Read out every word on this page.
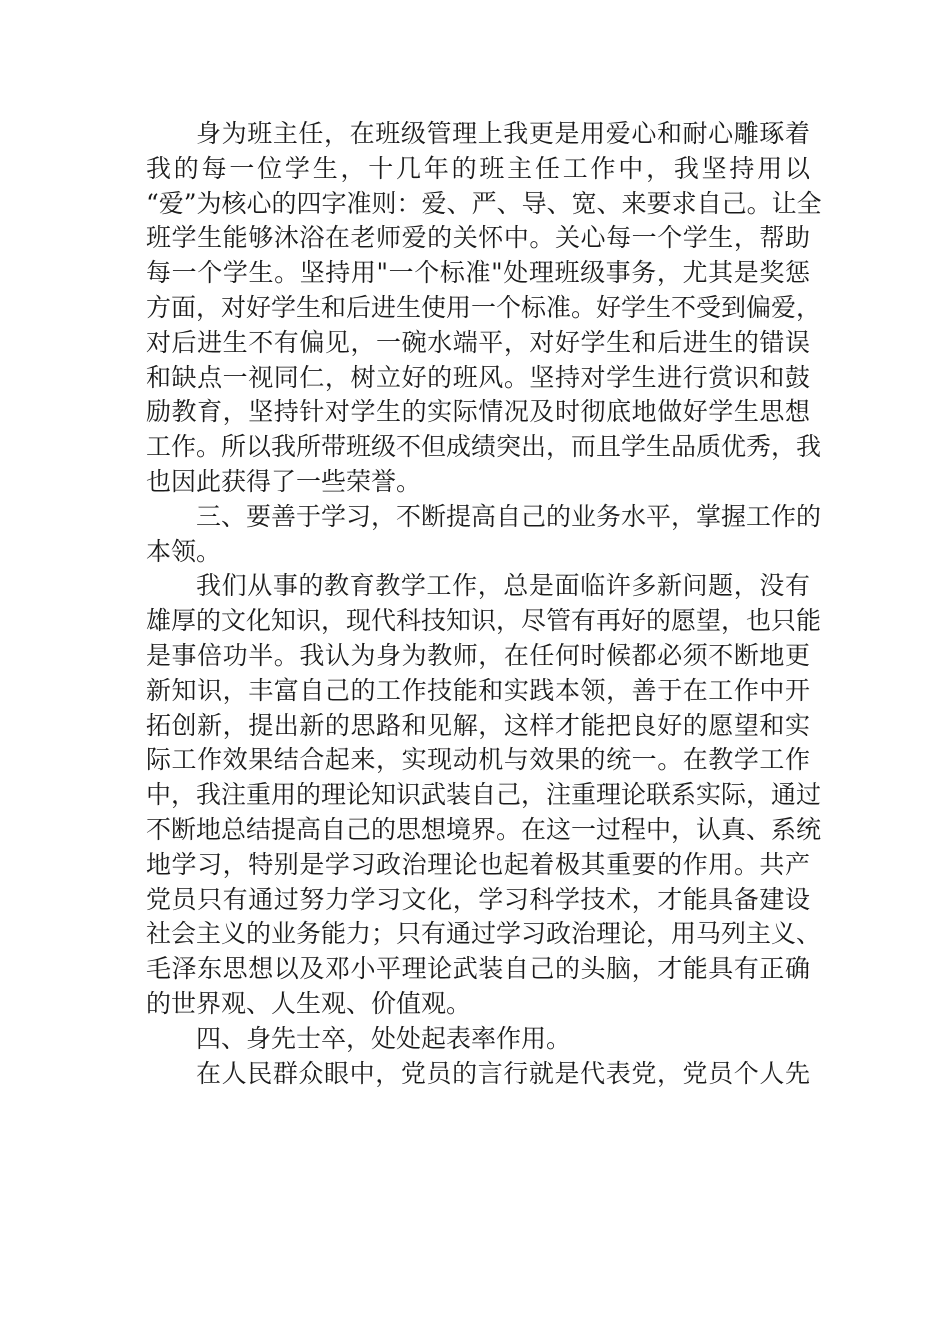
身为班主任，在班级管理上我更是用爱心和耐心雕琢着
我的每一位学生，十几年的班主任工作中，我坚持用以
“爱”为核心的四字准则：爱、严、导、宽、来要求自己。让全
班学生能够沐浴在老师爱的关怀中。关心每一个学生，帮助
每一个学生。坚持用"一个标准"处理班级事务，尤其是奖惩
方面，对好学生和后进生使用一个标准。好学生不受到偏爱，
对后进生不有偏见，一碗水端平，对好学生和后进生的错误
和缺点一视同仁，树立好的班风。坚持对学生进行赏识和鼓
励教育，坚持针对学生的实际情况及时彻底地做好学生思想
工作。所以我所带班级不但成绩突出，而且学生品质优秀，我
也因此获得了一些荣誉。
三、要善于学习，不断提高自己的业务水平，掌握工作的
本领。
我们从事的教育教学工作，总是面临许多新问题，没有
雄厚的文化知识，现代科技知识，尽管有再好的愿望，也只能
是事倍功半。我认为身为教师，在任何时候都必须不断地更
新知识，丰富自己的工作技能和实践本领，善于在工作中开
拓创新，提出新的思路和见解，这样才能把良好的愿望和实
际工作效果结合起来，实现动机与效果的统一。在教学工作
中，我注重用的理论知识武装自己，注重理论联系实际，通过
不断地总结提高自己的思想境界。在这一过程中，认真、系统
地学习，特别是学习政治理论也起着极其重要的作用。共产
党员只有通过努力学习文化，学习科学技术，才能具备建设
社会主义的业务能力；只有通过学习政治理论，用马列主义、
毛泽东思想以及邓小平理论武装自己的头脑，才能具有正确
的世界观、人生观、价值观。
四、身先士卒，处处起表率作用。
在人民群众眼中，党员的言行就是代表党，党员个人先
